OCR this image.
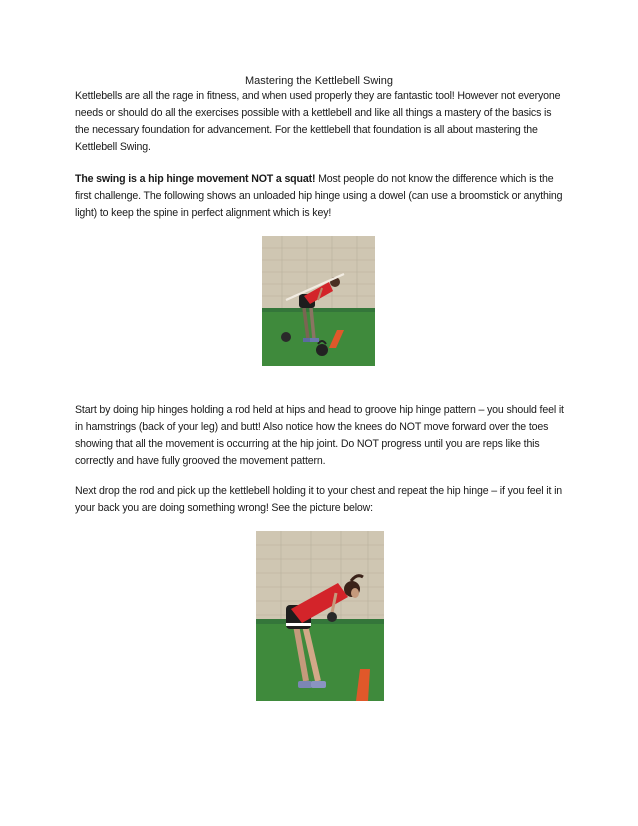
Mastering the Kettlebell Swing

Kettlebells are all the rage in fitness, and when used properly they are fantastic tool! However not everyone needs or should do all the exercises possible with a kettlebell and like all things a mastery of the basics is the necessary foundation for advancement. For the kettlebell that foundation is all about mastering the Kettlebell Swing.

The swing is a hip hinge movement NOT a squat! Most people do not know the difference which is the first challenge. The following shows an unloaded hip hinge using a dowel (can use a broomstick or anything light) to keep the spine in perfect alignment which is key!

Start by doing hip hinges holding a rod held at hips and head to groove hip hinge pattern – you should feel it in hamstrings (back of your leg) and butt! Also notice how the knees do NOT move forward over the toes showing that all the movement is occurring at the hip joint. Do NOT progress until you are reps like this correctly and have fully grooved the movement pattern.

Next drop the rod and pick up the kettlebell holding it to your chest and repeat the hip hinge – if you feel it in your back you are doing something wrong! See the picture below:
